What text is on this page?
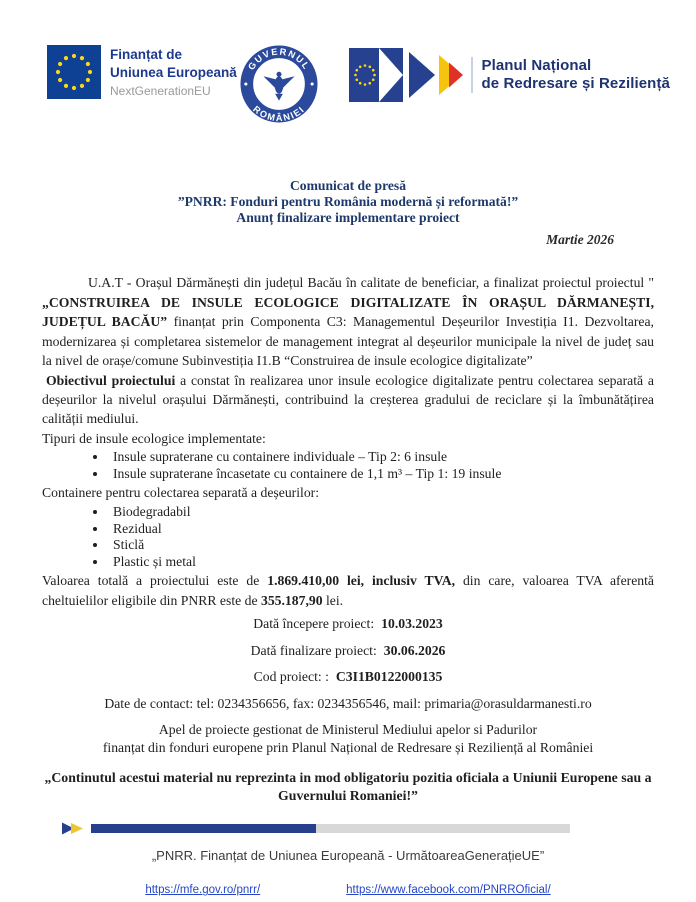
Finanțat de
Uniunea Europeană
NextGenerationEU
GUVERNUL
ROMÂNIEI
Planul Național
de Redresare și Reziliență
Comunicat de presă
”PNRR: Fonduri pentru România modernă și reformată!”
Anunț finalizare implementare proiect
Martie 2026

U.A.T - Orașul Dărmănești din județul Bacău în calitate de beneficiar, a finalizat proiectul proiectul " „CONSTRUIREA DE INSULE ECOLOGICE DIGITALIZATE ÎN ORAȘUL DĂRMANEȘTI, JUDEȚUL BACĂU” finanțat prin Componenta C3: Managementul Deșeurilor Investiția I1. Dezvoltarea, modernizarea și completarea sistemelor de management integrat al deșeurilor municipale la nivel de județ sau la nivel de orașe/comune Subinvestiția I1.B “Construirea de insule ecologice digitalizate”

Obiectivul proiectului a constat în realizarea unor insule ecologice digitalizate pentru colectarea separată a deșeurilor la nivelul orașului Dărmănești, contribuind la creșterea gradului de reciclare și la îmbunătățirea calității mediului.

Tipuri de insule ecologice implementate:
• Insule supraterane cu containere individuale – Tip 2: 6 insule
• Insule supraterane încasetate cu containere de 1,1 m³ – Tip 1: 19 insule
Containere pentru colectarea separată a deșeurilor:
• Biodegradabil
• Rezidual
• Sticlă
• Plastic și metal

Valoarea totală a proiectului este de 1.869.410,00 lei, inclusiv TVA, din care, valoarea TVA aferentă cheltuielilor eligibile din PNRR este de 355.187,90 lei.

Dată începere proiect: 10.03.2023
Dată finalizare proiect: 30.06.2026
Cod proiect: : C3I1B0122000135
Date de contact: tel: 0234356656, fax: 0234356546, mail: primaria@orasuldarmanesti.ro
Apel de proiecte gestionat de Ministerul Mediului apelor si Padurilor
finanțat din fonduri europene prin Planul Național de Redresare și Reziliență al României
„Continutul acestui material nu reprezinta in mod obligatoriu pozitia oficiala a Uniunii Europene sau a Guvernului Romaniei!”
„PNRR. Finanțat de Uniunea Europeană - UrmătoareaGenerațieUE”
https://mfe.gov.ro/pnrr/	https://www.facebook.com/PNRROficial/
